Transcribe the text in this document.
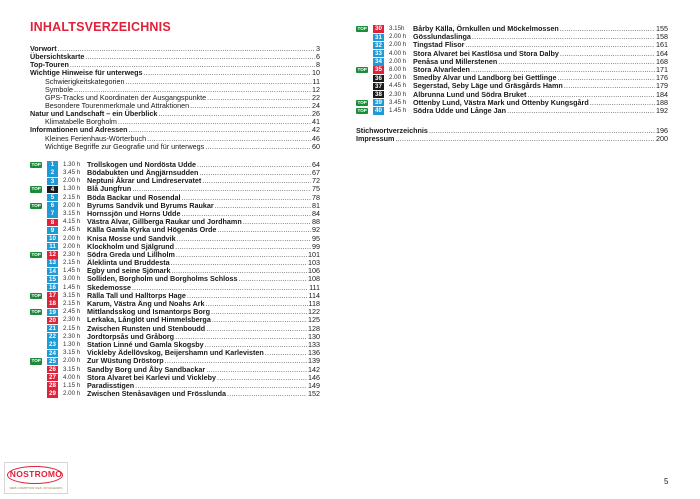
INHALTSVERZEICHNIS
Vorwort .....	3
Übersichtskarte .....	6
Top-Touren .....	8
Wichtige Hinweise für unterwegs .....	10
Schwierigkeitskategorien .....	11
Symbole .....	12
GPS-Tracks und Koordinaten der Ausgangspunkte .....	22
Besondere Tourenmerkmale und Attraktionen .....	24
Natur und Landschaft – ein Überblick .....	26
Klimatabelle Borgholm .....	41
Informationen und Adressen .....	42
Kleines Ferienhaus-Wörterbuch .....	46
Wichtige Begriffe zur Geografie und für unterwegs .....	60
TOP	1	1.30 h Trollskogen und Nordösta Udde .....	64
2	3.45 h Bödabukten und Ängjärnsudden .....	67
3	2.00 h Neptuni Åkrar und Lindreservatet .....	72
TOP	4	1.30 h Blå Jungfrun .....	75
5	2.15 h Böda Backar und Rosendal .....	78
TOP	6	2.00 h Byrums Sandvik und Byrums Raukar .....	81
7	3.15 h Hornssjön und Horns Udde .....	84
8	4.15 h Västra Alvar, Gillberga Raukar und Jordhamn .....	88
9	2.45 h Källa Gamla Kyrka und Högenäs Orde .....	92
10	2.00 h Knisa Mosse und Sandvik .....	95
11	2.00 h Klockholm und Själgrund .....	99
TOP	12	2.30 h Södra Greda und Lillholm .....	101
13	2.15 h Äleklinta und Bruddesta .....	103
14	1.45 h Egby und seine Sjömark .....	106
15	3.00 h Solliden, Borgholm und Borgholms Schloss .....	108
16	1.45 h Skedemosse .....	111
TOP	17	3.15 h Rälla Tall und Halltorps Hage .....	114
18	2.15 h Karum, Västra Äng und Noahs Ark .....	118
TOP	19	2.45 h Mittlandsskog und Ismantorps Borg .....	122
20	2.30 h Lerkaka, Långlöt und Himmelsberga .....	125
21	2.15 h Zwischen Runsten und Stenboudd .....	128
22	2.30 h Jordtorpsås und Gråborg .....	130
23	1.30 h Station Linné und Gamla Skogsby .....	133
24	3.15 h Vickleby Ädellövskog, Beijershamn und Karlevisten .....	136
TOP	25	2.00 h Zur Wüstung Dröstorp .....	139
26	3.15 h Sandby Borg und Åby Sandbackar .....	142
27	4.00 h Stora Alvaret bei Karlevi und Vickleby .....	146
28	1.15 h Paradisstigen .....	149
29	2.00 h Zwischen Stenåsavägen und Frösslunda .....	152
TOP	30	3.15h	Bårby Källa, Örnkullen und Möckelmossen .....	155
31	2.00 h Gösslundaslinga .....	158
32	2.00 h Tingstad Flisor .....	161
33	4.00 h Stora Alvaret bei Kastlösa und Stora Dalby .....	164
34	2.00 h Penåsa und Millerstenen .....	168
TOP	35	8.00 h Stora Alvarleden .....	171
36	2.00 h Smedby Alvar und Landborg bei Gettlinge .....	176
37	4.45 h Segerstad, Seby Läge und Gräsgårds Hamn .....	179
38	2.30 h Albrunna Lund und Södra Bruket .....	184
TOP	39	3.45 h Ottenby Lund, Västra Mark und Ottenby Kungsgård .....	188
TOP	40	1.45 h Södra Udde und Långe Jan .....	192
Stichwortverzeichnis .....	196
Impressum .....	200
5
NOSTROMO
WEB COMPTOIR DES VOYAGEURS
